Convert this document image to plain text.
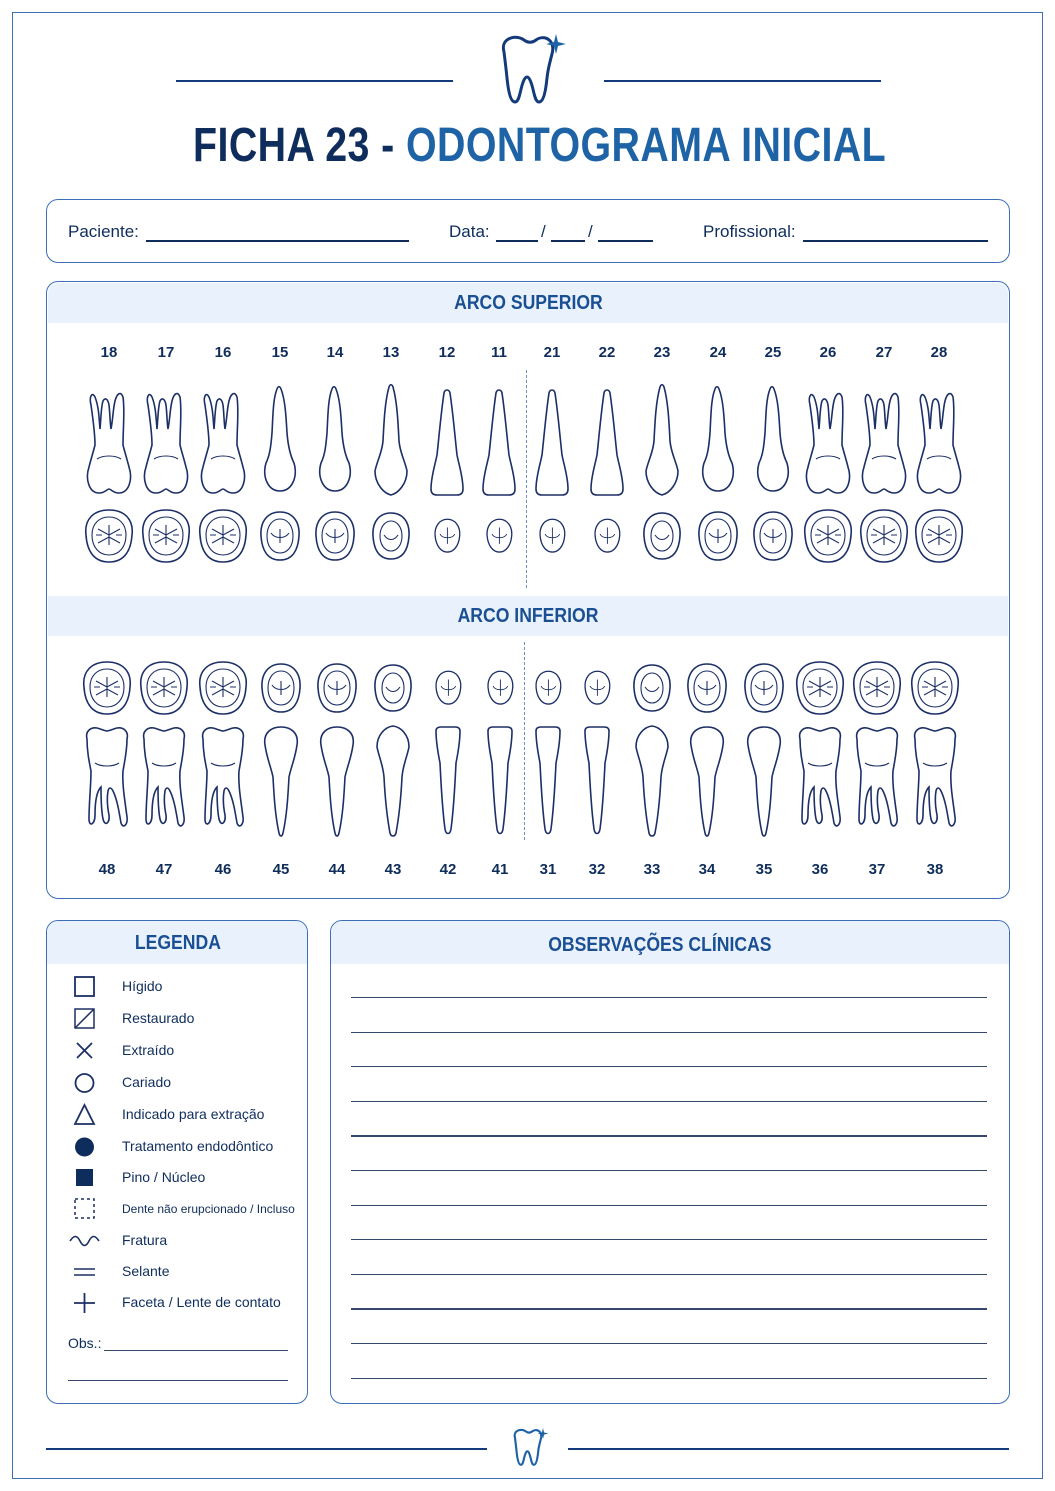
FICHA 23 - ODONTOGRAMA INICIAL
Paciente:	Data:	/ /	Profissional:
ARCO SUPERIOR
ARCO INFERIOR
18	17	16	15	14	13	12	11	21	22	23	24	25	26	27	28
48	47	46	45	44	43	42	41	31	32	33	34	35	36	37	38
LEGENDA
Hígido
Restaurado
Extraído
Cariado
Indicado para extração
Tratamento endodôntico
Pino / Núcleo
Dente não erupcionado / Incluso
Fratura
Selante
Faceta / Lente de contato
Obs.:
OBSERVAÇÕES CLÍNICAS
